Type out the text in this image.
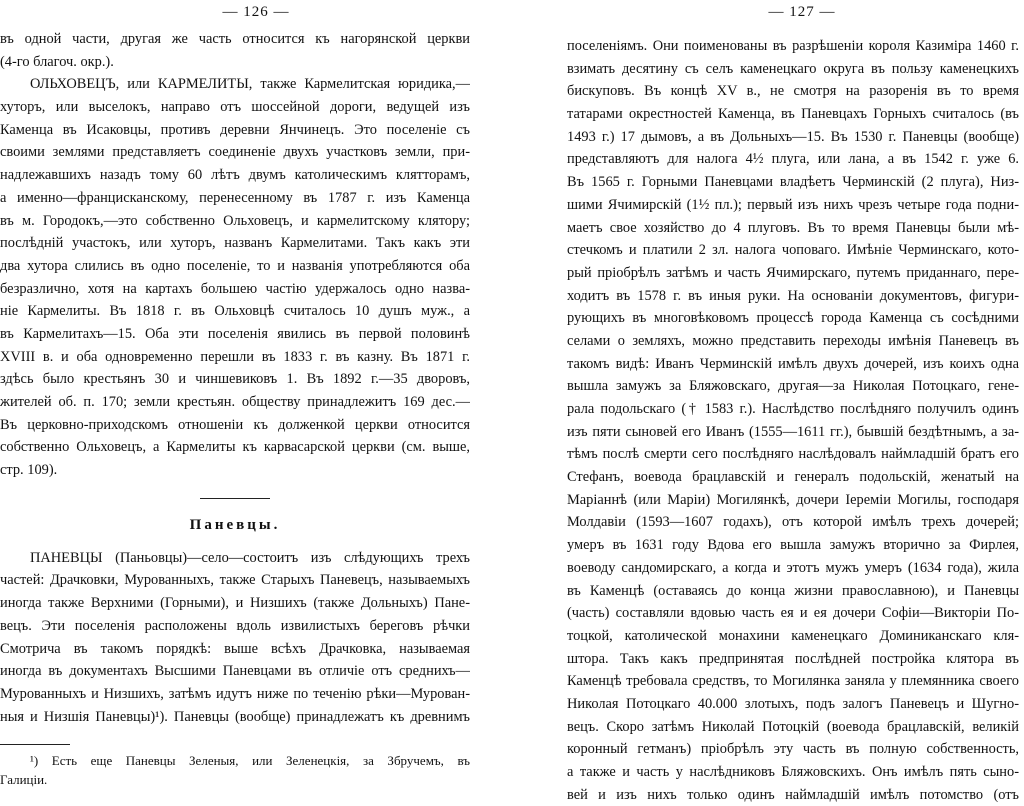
— 126 —
въ одной части, другая же часть относится къ нагорянской церкви
(4-го благоч. окр.).
ОЛЬХОВЕЦЪ, или КАРМЕЛИТЫ, также Кармелитская юридика,—
хуторъ, или выселокъ, направо отъ шоссейной дороги, ведущей изъ
Каменца въ Исаковцы, противъ деревни Янчинецъ. Это поселеніе съ
своими землями представляетъ соединеніе двухъ участковъ земли, при-
надлежавшихъ назадъ тому 60 лѣтъ двумъ католическимъ клятторамъ,
а именно—францисканскому, перенесенному въ 1787 г. изъ Каменца
въ м. Городокъ,—это собственно Ольховецъ, и кармелитскому клятору;
послѣдній участокъ, или хуторъ, названъ Кармелитами. Такъ какъ эти
два хутора слились въ одно поселеніе, то и названія употребляются оба
безразлично, хотя на картахъ большею частію удержалось одно назва-
ніе Кармелиты. Въ 1818 г. въ Ольховцѣ считалось 10 душъ муж., а
въ Кармелитахъ—15. Оба эти поселенія явились въ первой половинѣ
XVIII в. и оба одновременно перешли въ 1833 г. въ казну. Въ 1871 г.
здѣсь было крестьянъ 30 и чиншевиковъ 1. Въ 1892 г.—35 дворовъ,
жителей об. п. 170; земли крестьян. обществу принадлежитъ 169 дес.—
Въ церковно-приходскомъ отношеніи къ долженкой церкви относится
собственно Ольховецъ, а Кармелиты къ карвасарской церкви (см. выше,
стр. 109).
Паневцы.
ПАНЕВЦЫ (Паньовцы)—село—состоитъ изъ слѣдующихъ трехъ
частей: Драчковки, Мурованныхъ, также Старыхъ Паневецъ, называемыхъ
иногда также Верхними (Горными), и Низшихъ (также Дольныхъ) Пане-
вецъ. Эти поселенія расположены вдоль извилистыхъ береговъ рѣчки
Смотрича въ такомъ порядкѣ: выше всѣхъ Драчковка, называемая
иногда въ документахъ Высшими Паневцами въ отличіе отъ среднихъ—
Мурованныхъ и Низшихъ, затѣмъ идутъ ниже по теченію рѣки—Мурован-
ныя и Низшія Паневцы)¹). Паневцы (вообще) принадлежатъ къ древнимъ
¹) Есть еще Паневцы Зеленыя, или Зеленецкія, за Збручемъ, въ
Галиціи.
— 127 —
поселеніямъ. Они поименованы въ разрѣшеніи короля Казиміра 1460 г.
взимать десятину съ селъ каменецкаго округа въ пользу каменецкихъ
бискуповъ. Въ концѣ XV в., не смотря на разоренія въ то время
татарами окрестностей Каменца, въ Паневцахъ Горныхъ считалось (въ
1493 г.) 17 дымовъ, а въ Дольныхъ—15. Въ 1530 г. Паневцы (вообще)
представляютъ для налога 4½ плуга, или лана, а въ 1542 г. уже 6.
Въ 1565 г. Горными Паневцами владѣетъ Черминскій (2 плуга), Низ-
шими Ячимирскій (1½ пл.); первый изъ нихъ чрезъ четыре года подни-
маетъ свое хозяйство до 4 плуговъ. Въ то время Паневцы были мѣ-
стечкомъ и платили 2 зл. налога чоповаго. Имѣніе Черминскаго, кото-
рый пріобрѣлъ затѣмъ и часть Ячимирскаго, путемъ приданнаго, пере-
ходитъ въ 1578 г. въ иныя руки. На основаніи документовъ, фигури-
рующихъ въ многовѣковомъ процессѣ города Каменца съ сосѣдними
селами о земляхъ, можно представить переходы имѣнія Паневецъ въ
такомъ видѣ: Иванъ Черминскій имѣлъ двухъ дочерей, изъ коихъ одна
вышла замужъ за Бляжовскаго, другая—за Николая Потоцкаго, гене-
рала подольскаго († 1583 г.). Наслѣдство послѣдняго получилъ одинъ
изъ пяти сыновей его Иванъ (1555—1611 гг.), бывшій бездѣтнымъ, а за-
тѣмъ послѣ смерти сего послѣдняго наслѣдовалъ наймладшій братъ его
Стефанъ, воевода брацлавскій и генералъ подольскій, женатый на
Маріаннѣ (или Маріи) Могилянкѣ, дочери Іереміи Могилы, господаря
Молдавіи (1593—1607 годахъ), отъ которой имѣлъ трехъ дочерей;
умеръ въ 1631 году Вдова его вышла замужъ вторично за Фирлея,
воеводу сандомирскаго, а когда и этотъ мужъ умеръ (1634 года), жила
въ Каменцѣ (оставаясь до конца жизни православною), и Паневцы
(часть) составляли вдовью часть ея и ея дочери Софіи—Викторіи По-
тоцкой, католической монахини каменецкаго Доминиканскаго кля-
штора. Такъ какъ предпринятая послѣдней постройка клятора въ
Каменцѣ требовала средствъ, то Могилянка заняла у племянника своего
Николая Потоцкаго 40.000 злотыхъ, подъ залогъ Паневецъ и Шугно-
вецъ. Скоро затѣмъ Николай Потоцкій (воевода брацлавскій, великій
коронный гетманъ) пріобрѣлъ эту часть въ полную собственность,
а также и часть у наслѣдниковъ Бляжовскихъ. Онъ имѣлъ пять сыно-
вей и изъ нихъ только одинъ наймладшій имѣлъ потомство (отъ
